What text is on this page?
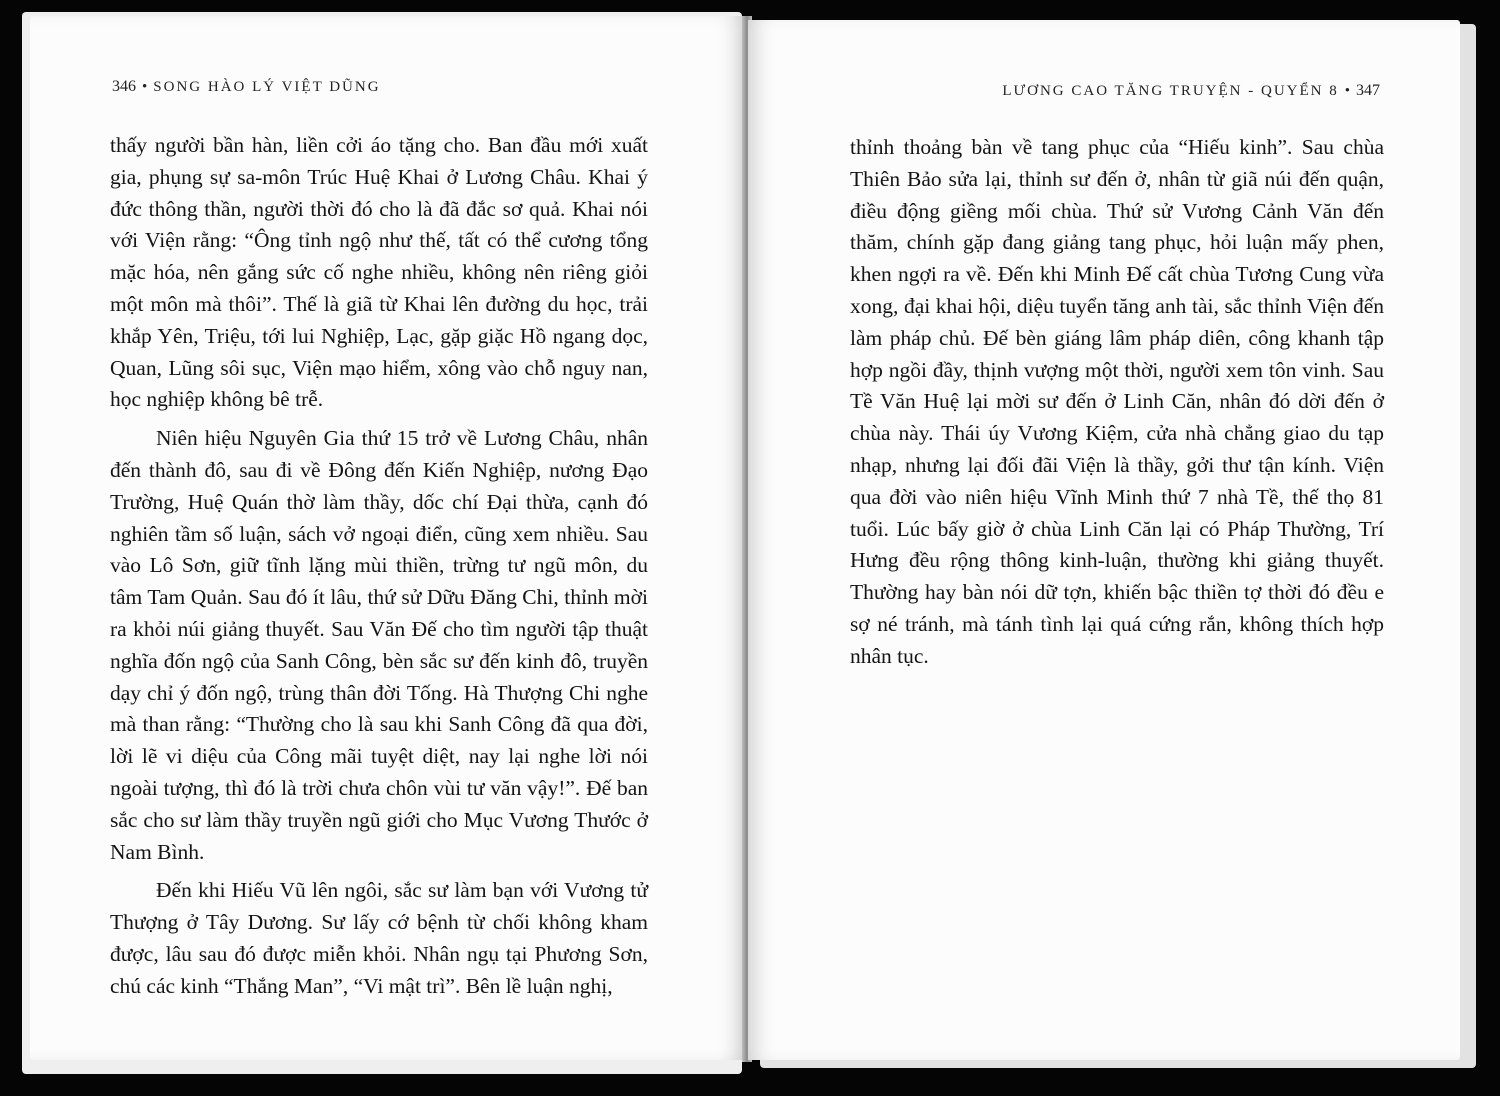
346 • SONG HÀO LÝ VIỆT DŨNG

thấy người bần hàn, liền cởi áo tặng cho. Ban đầu mới xuất gia, phụng sự sa-môn Trúc Huệ Khai ở Lương Châu. Khai ý đức thông thần, người thời đó cho là đã đắc sơ quả. Khai nói với Viện rằng: “Ông tỉnh ngộ như thế, tất có thể cương tổng mặc hóa, nên gắng sức cố nghe nhiều, không nên riêng giỏi một môn mà thôi”. Thế là giã từ Khai lên đường du học, trải khắp Yên, Triệu, tới lui Nghiệp, Lạc, gặp giặc Hồ ngang dọc, Quan, Lũng sôi sục, Viện mạo hiểm, xông vào chỗ nguy nan, học nghiệp không bê trễ.

Niên hiệu Nguyên Gia thứ 15 trở về Lương Châu, nhân đến thành đô, sau đi về Đông đến Kiến Nghiệp, nương Đạo Trường, Huệ Quán thờ làm thầy, dốc chí Đại thừa, cạnh đó nghiên tầm số luận, sách vở ngoại điển, cũng xem nhiều. Sau vào Lô Sơn, giữ tĩnh lặng mùi thiền, trừng tư ngũ môn, du tâm Tam Quản. Sau đó ít lâu, thứ sử Dữu Đăng Chi, thỉnh mời ra khỏi núi giảng thuyết. Sau Văn Đế cho tìm người tập thuật nghĩa đốn ngộ của Sanh Công, bèn sắc sư đến kinh đô, truyền dạy chỉ ý đốn ngộ, trùng thân đời Tống. Hà Thượng Chi nghe mà than rằng: “Thường cho là sau khi Sanh Công đã qua đời, lời lẽ vi diệu của Công mãi tuyệt diệt, nay lại nghe lời nói ngoài tượng, thì đó là trời chưa chôn vùi tư văn vậy!”. Đế ban sắc cho sư làm thầy truyền ngũ giới cho Mục Vương Thước ở Nam Bình.

Đến khi Hiếu Vũ lên ngôi, sắc sư làm bạn với Vương tử Thượng ở Tây Dương. Sư lấy cớ bệnh từ chối không kham được, lâu sau đó được miễn khỏi. Nhân ngụ tại Phương Sơn, chú các kinh “Thắng Man”, “Vi mật trì”. Bên lề luận nghị,

LƯƠNG CAO TĂNG TRUYỆN - QUYỂN 8 • 347

thỉnh thoảng bàn về tang phục của “Hiếu kinh”. Sau chùa Thiên Bảo sửa lại, thỉnh sư đến ở, nhân từ giã núi đến quận, điều động giềng mối chùa. Thứ sử Vương Cảnh Văn đến thăm, chính gặp đang giảng tang phục, hỏi luận mấy phen, khen ngợi ra về. Đến khi Minh Đế cất chùa Tương Cung vừa xong, đại khai hội, diệu tuyển tăng anh tài, sắc thỉnh Viện đến làm pháp chủ. Đế bèn giáng lâm pháp diên, công khanh tập hợp ngồi đầy, thịnh vượng một thời, người xem tôn vinh. Sau Tề Văn Huệ lại mời sư đến ở Linh Căn, nhân đó dời đến ở chùa này. Thái úy Vương Kiệm, cửa nhà chẳng giao du tạp nhạp, nhưng lại đối đãi Viện là thầy, gởi thư tận kính. Viện qua đời vào niên hiệu Vĩnh Minh thứ 7 nhà Tề, thế thọ 81 tuổi. Lúc bấy giờ ở chùa Linh Căn lại có Pháp Thường, Trí Hưng đều rộng thông kinh-luận, thường khi giảng thuyết. Thường hay bàn nói dữ tợn, khiến bậc thiền tợ thời đó đều e sợ né tránh, mà tánh tình lại quá cứng rắn, không thích hợp nhân tục.
